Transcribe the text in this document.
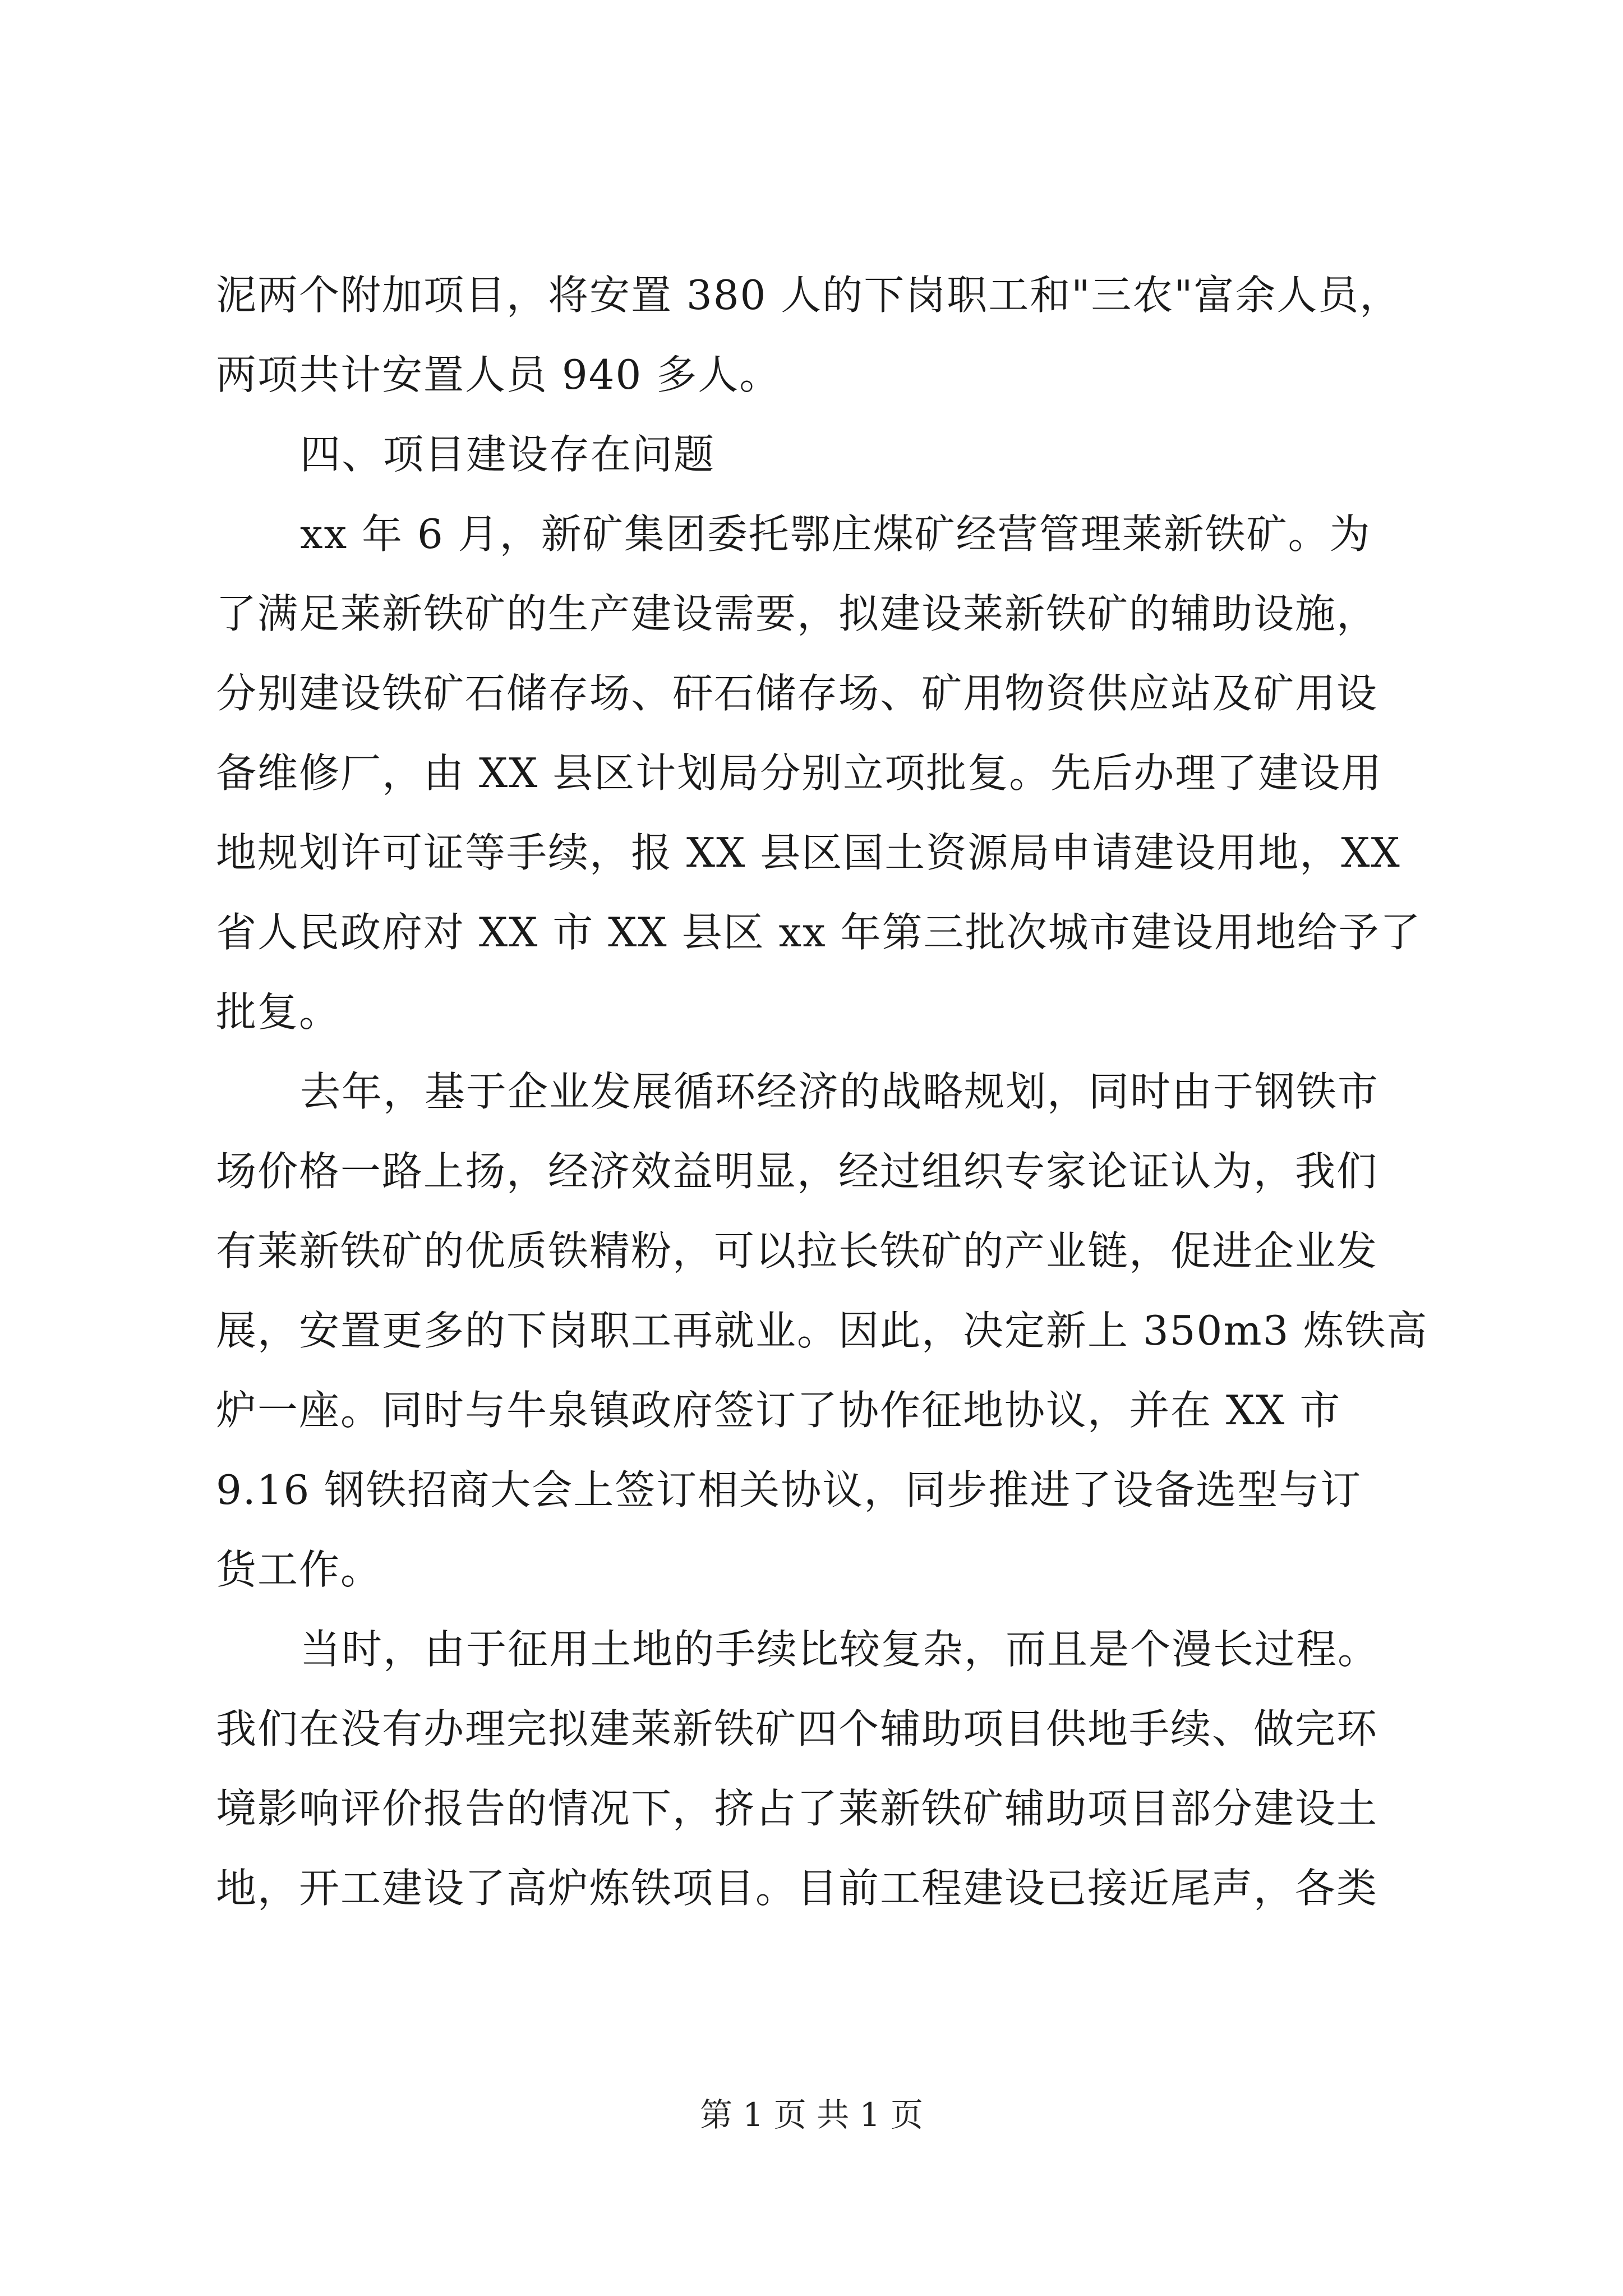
泥两个附加项目，将安置 380 人的下岗职工和"三农"富余人员，
两项共计安置人员 940 多人。
四、项目建设存在问题
xx 年 6 月，新矿集团委托鄂庄煤矿经营管理莱新铁矿。为
了满足莱新铁矿的生产建设需要，拟建设莱新铁矿的辅助设施，
分别建设铁矿石储存场、矸石储存场、矿用物资供应站及矿用设
备维修厂，由 XX 县区计划局分别立项批复。先后办理了建设用
地规划许可证等手续，报 XX 县区国土资源局申请建设用地，XX
省人民政府对 XX 市 XX 县区 xx 年第三批次城市建设用地给予了
批复。
去年，基于企业发展循环经济的战略规划，同时由于钢铁市
场价格一路上扬，经济效益明显，经过组织专家论证认为，我们
有莱新铁矿的优质铁精粉，可以拉长铁矿的产业链，促进企业发
展，安置更多的下岗职工再就业。因此，决定新上 350m3 炼铁高
炉一座。同时与牛泉镇政府签订了协作征地协议，并在 XX 市
9.16 钢铁招商大会上签订相关协议，同步推进了设备选型与订
货工作。
当时，由于征用土地的手续比较复杂，而且是个漫长过程。
我们在没有办理完拟建莱新铁矿四个辅助项目供地手续、做完环
境影响评价报告的情况下，挤占了莱新铁矿辅助项目部分建设土
地，开工建设了高炉炼铁项目。目前工程建设已接近尾声，各类
第 1 页 共 1 页
